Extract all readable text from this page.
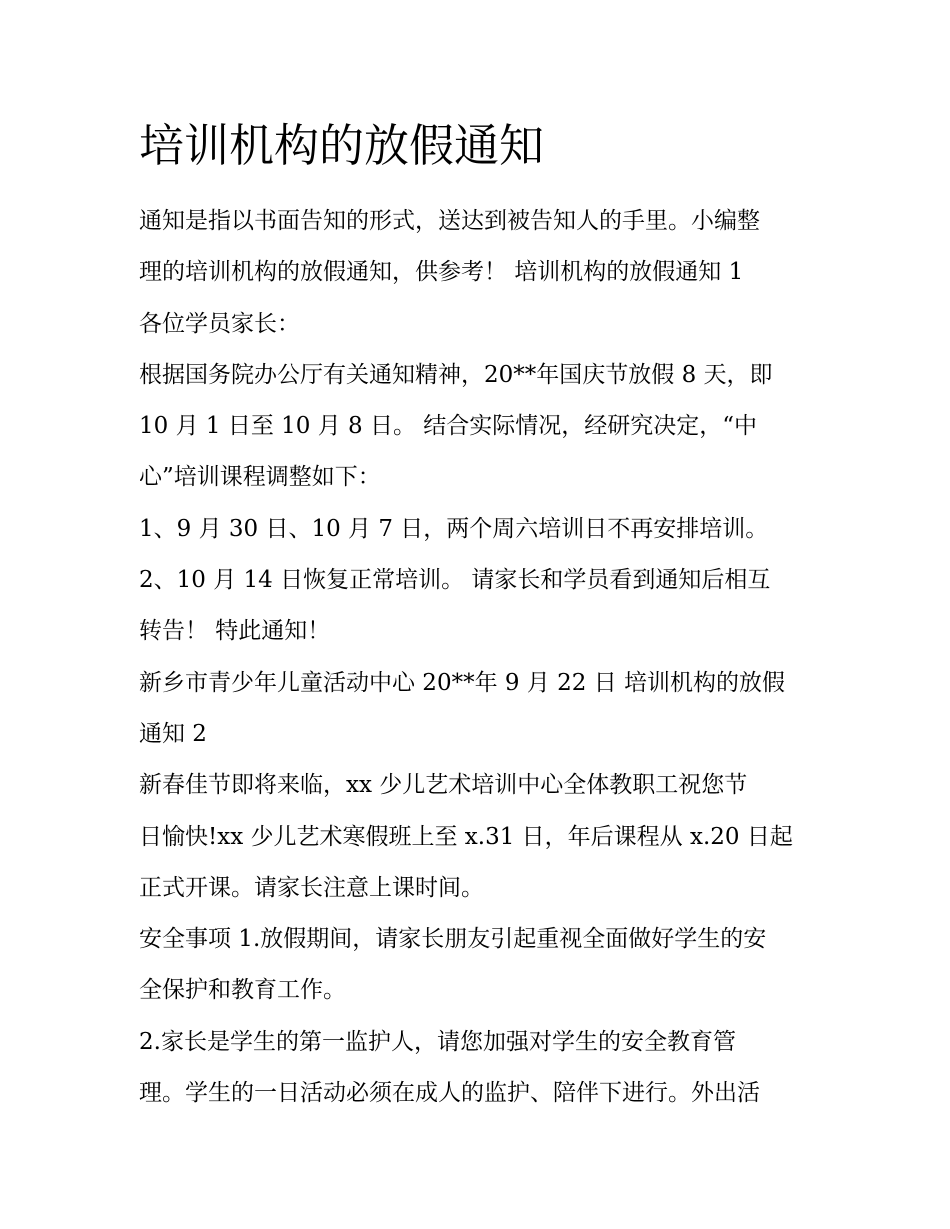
培训机构的放假通知
通知是指以书面告知的形式，送达到被告知人的手里。小编整
理的培训机构的放假通知，供参考！ 培训机构的放假通知 1
各位学员家长：
根据国务院办公厅有关通知精神，20**年国庆节放假 8 天，即
10 月 1 日至 10 月 8 日。 结合实际情况，经研究决定，“中
心”培训课程调整如下：
1、9 月 30 日、10 月 7 日，两个周六培训日不再安排培训。
2、10 月 14 日恢复正常培训。 请家长和学员看到通知后相互
转告！ 特此通知！
新乡市青少年儿童活动中心 20**年 9 月 22 日 培训机构的放假
通知 2
新春佳节即将来临，xx 少儿艺术培训中心全体教职工祝您节
日愉快!xx 少儿艺术寒假班上至 x.31 日，年后课程从 x.20 日起
正式开课。请家长注意上课时间。
安全事项 1.放假期间，请家长朋友引起重视全面做好学生的安
全保护和教育工作。
2.家长是学生的第一监护人，请您加强对学生的安全教育管
理。学生的一日活动必须在成人的监护、陪伴下进行。外出活
